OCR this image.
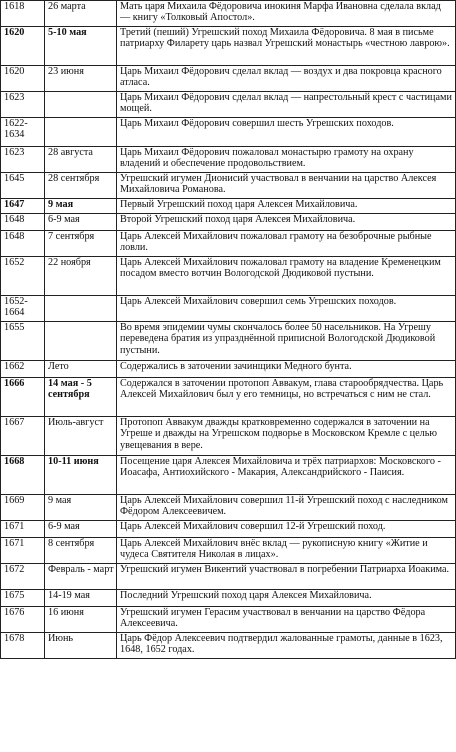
1618	26 марта	Мать царя Михаила Фёдоровича инокиня Марфа Ивановна сделала вклад — книгу «Толковый Апостол».
1620	5-10 мая	Третий (пеший) Угрешский поход Михаила Фёдоровича. 8 мая в письме патриарху Филарету царь назвал Угрешский монастырь «честною лаврою».
1620	23 июня	Царь Михаил Фёдорович сделал вклад — воздух и два покровца красного атласа.
1623		Царь Михаил Фёдорович сделал вклад — напрестольный крест с частицами мощей.
1622-1634		Царь Михаил Фёдорович совершил шесть Угрешских походов.
1623	28 августа	Царь Михаил Фёдорович пожаловал монастырю грамоту на охрану владений и обеспечение продовольствием.
1645	28 сентября	Угрешский игумен Дионисий участвовал в венчании на царство Алексея Михайловича Романова.
1647	9 мая	Первый Угрешский поход царя Алексея Михайловича.
1648	6-9 мая	Второй Угрешский поход царя Алексея Михайловича.
1648	7 сентября	Царь Алексей Михайлович пожаловал грамоту на безоброчные рыбные ловли.
1652	22 ноября	Царь Алексей Михайлович пожаловал грамоту на владение Кременецким посадом вместо вотчин Вологодской Дюдиковой пустыни.
1652-1664		Царь Алексей Михайлович совершил семь Угрешских походов.
1655		Во время эпидемии чумы скончалось более 50 насельников. На Угрешу переведена братия из упразднённой приписной Вологодской Дюдиковой пустыни.
1662	Лето	Содержались в заточении зачинщики Медного бунта.
1666	14 мая - 5 сентября	Содержался в заточении протопоп Аввакум, глава старообрядчества. Царь Алексей Михайлович был у его темницы, но встречаться с ним не стал.
1667	Июль-август	Протопоп Аввакум дважды кратковременно содержался в заточении на Угреше и дважды на Угрешском подворье в Московском Кремле с целью увещевания в вере.
1668	10-11 июня	Посещение царя Алексея Михайловича и трёх патриархов: Московского - Иоасафа, Антиохийского - Макария, Александрийского - Паисия.
1669	9 мая	Царь Алексей Михайлович совершил 11-й Угрешский поход с наследником Фёдором Алексеевичем.
1671	6-9 мая	Царь Алексей Михайлович совершил 12-й Угрешский поход.
1671	8 сентября	Царь Алексей Михайлович внёс вклад — рукописную книгу «Житие и чудеса Святителя Николая в лицах».
1672	Февраль - март	Угрешский игумен Викентий участвовал в погребении Патриарха Иоакима.
1675	14-19 мая	Последний Угрешский поход царя Алексея Михайловича.
1676	16 июня	Угрешский игумен Герасим участвовал в венчании на царство Фёдора Алексеевича.
1678	Июнь	Царь Фёдор Алексеевич подтвердил жалованные грамоты, данные в 1623, 1648, 1652 годах.
